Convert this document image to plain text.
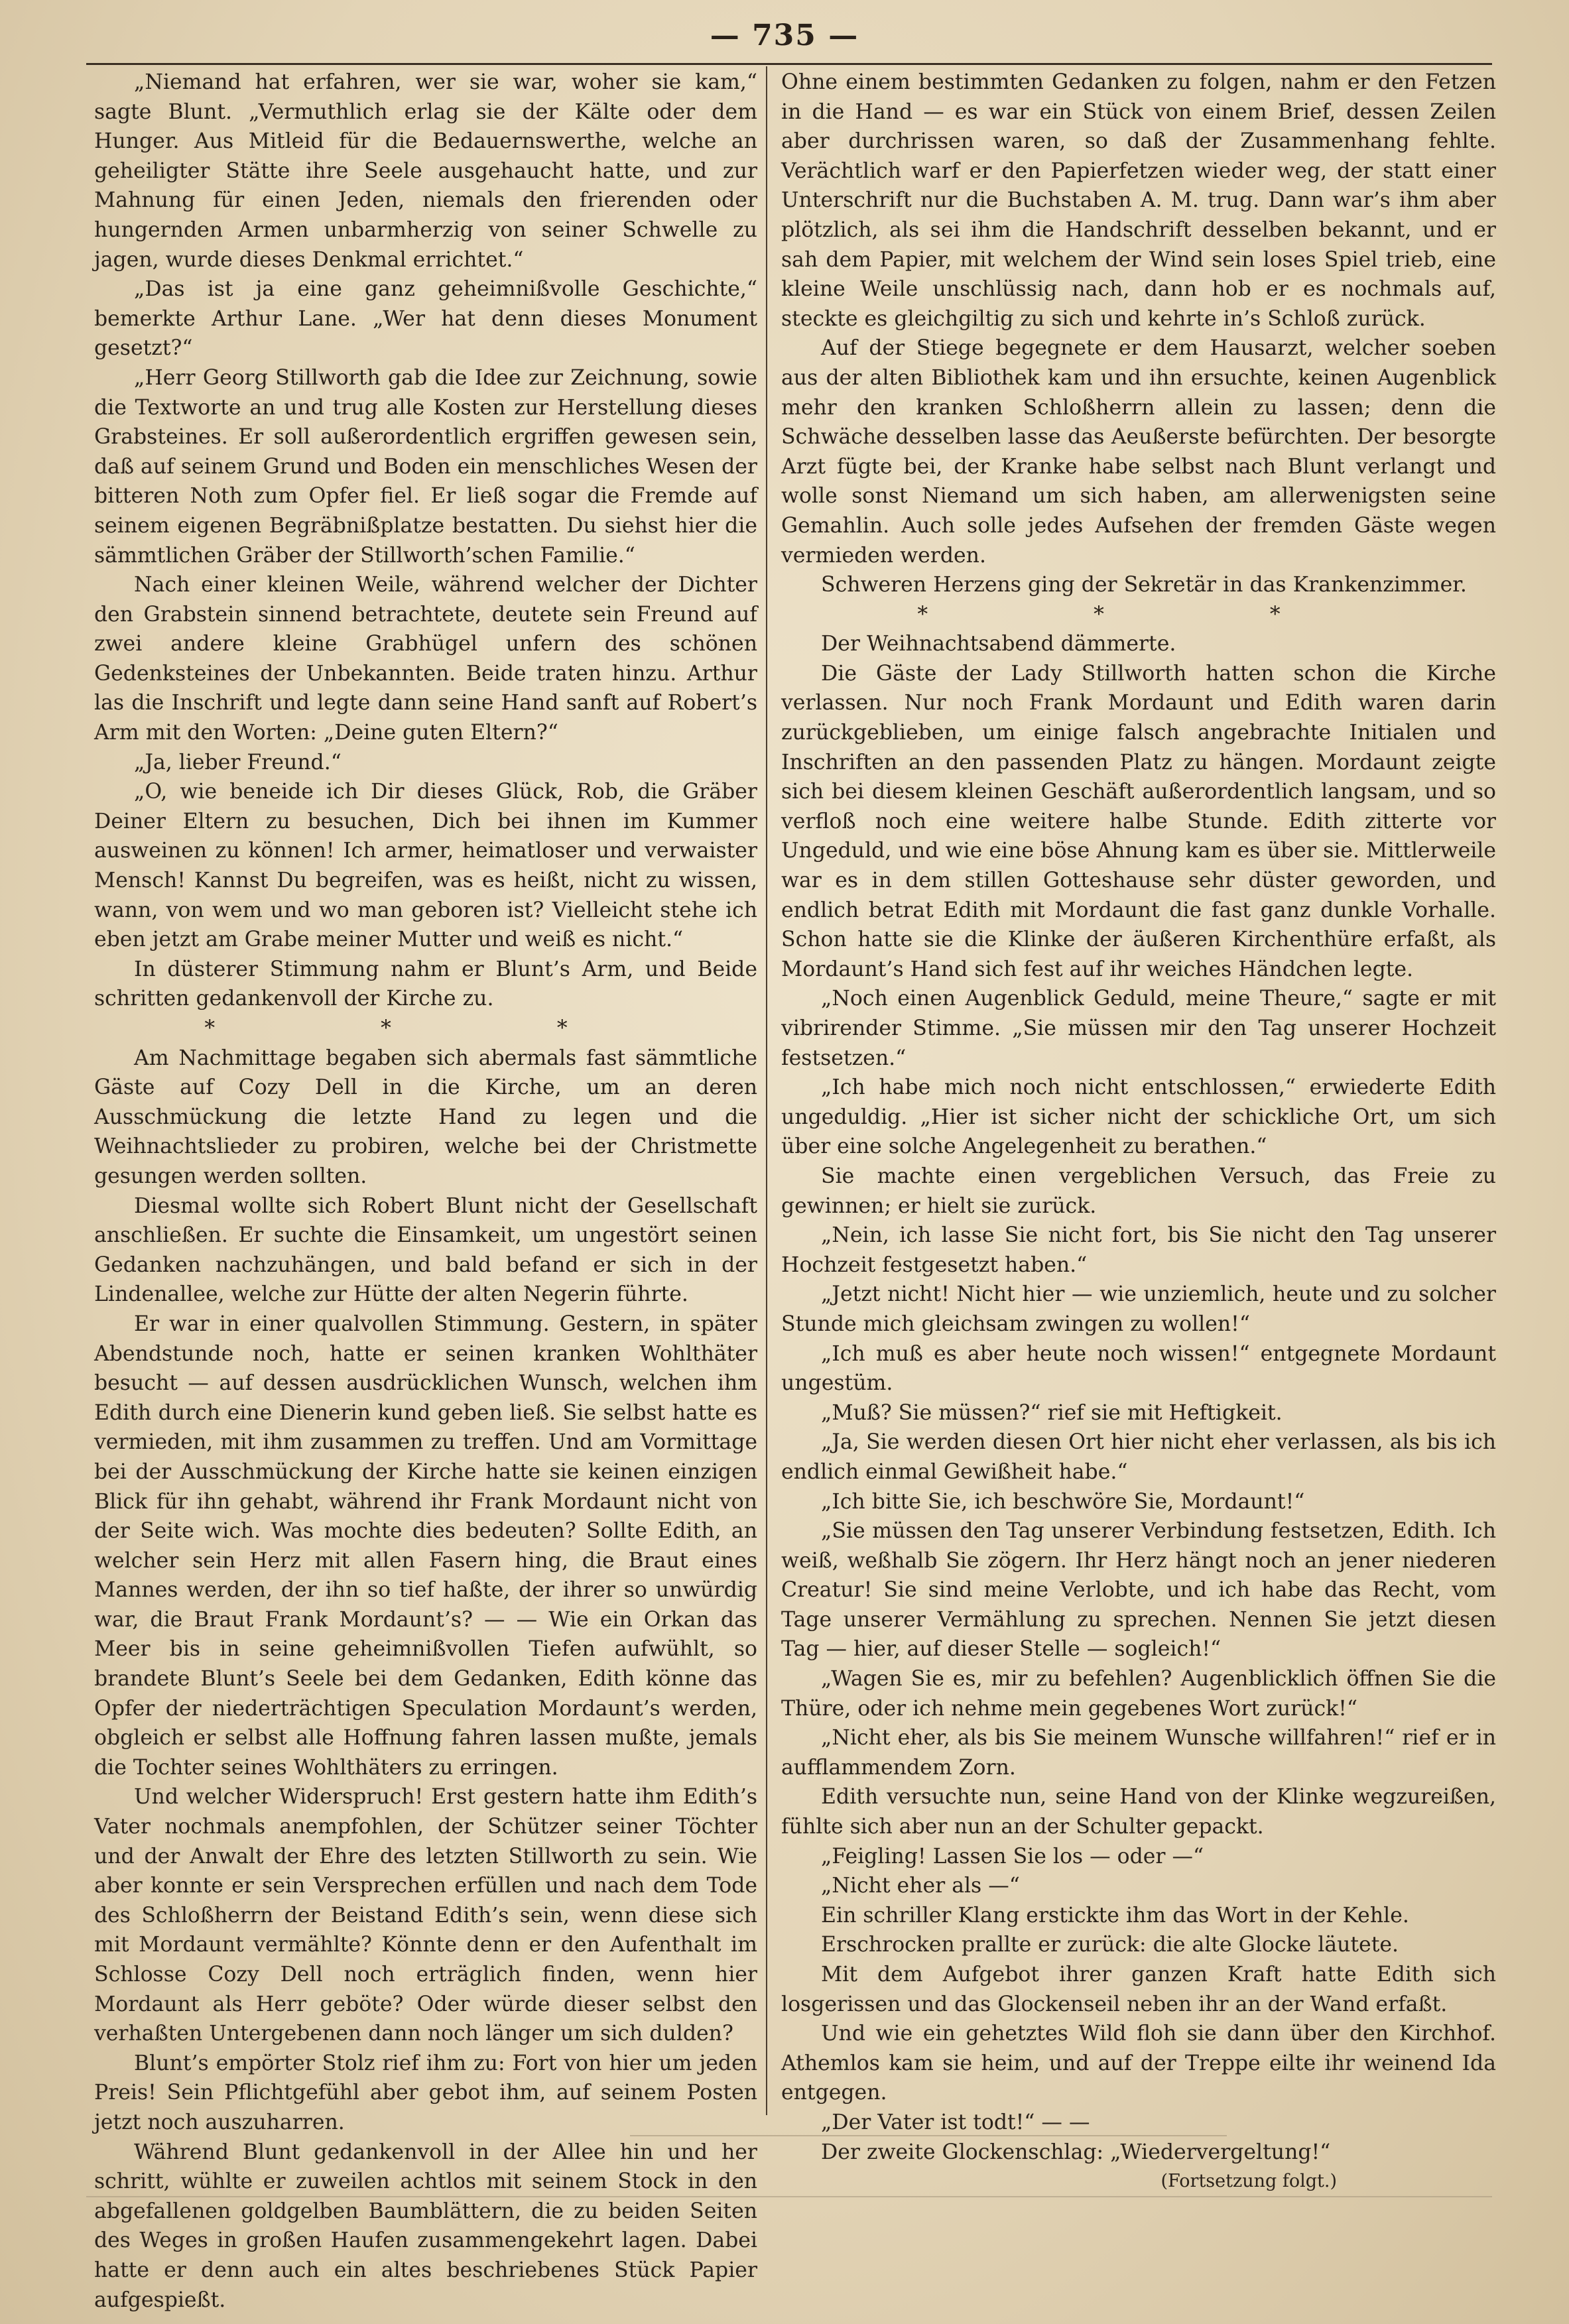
— 735 —

„Niemand hat erfahren, wer sie war, woher sie kam,“ sagte Blunt. „Vermuthlich erlag sie der Kälte oder dem Hunger. Aus Mitleid für die Bedauernswerthe, welche an geheiligter Stätte ihre Seele ausgehaucht hatte, und zur Mahnung für einen Jeden, niemals den frierenden oder hungernden Armen unbarmherzig von seiner Schwelle zu jagen, wurde dieses Denkmal errichtet.“

„Das ist ja eine ganz geheimnißvolle Geschichte,“ bemerkte Arthur Lane. „Wer hat denn dieses Monument gesetzt?“

„Herr Georg Stillworth gab die Idee zur Zeichnung, sowie die Textworte an und trug alle Kosten zur Herstellung dieses Grabsteines. Er soll außerordentlich ergriffen gewesen sein, daß auf seinem Grund und Boden ein menschliches Wesen der bitteren Noth zum Opfer fiel. Er ließ sogar die Fremde auf seinem eigenen Begräbnißplatze bestatten. Du siehst hier die sämmtlichen Gräber der Stillworth’schen Familie.“

Nach einer kleinen Weile, während welcher der Dichter den Grabstein sinnend betrachtete, deutete sein Freund auf zwei andere kleine Grabhügel unfern des schönen Gedenksteines der Unbekannten. Beide traten hinzu. Arthur las die Inschrift und legte dann seine Hand sanft auf Robert’s Arm mit den Worten: „Deine guten Eltern?“

„Ja, lieber Freund.“

„O, wie beneide ich Dir dieses Glück, Rob, die Gräber Deiner Eltern zu besuchen, Dich bei ihnen im Kummer ausweinen zu können! Ich armer, heimatloser und verwaister Mensch! Kannst Du begreifen, was es heißt, nicht zu wissen, wann, von wem und wo man geboren ist? Vielleicht stehe ich eben jetzt am Grabe meiner Mutter und weiß es nicht.“

In düsterer Stimmung nahm er Blunt’s Arm, und Beide schritten gedankenvoll der Kirche zu.

* * *

Am Nachmittage begaben sich abermals fast sämmtliche Gäste auf Cozy Dell in die Kirche, um an deren Ausschmückung die letzte Hand zu legen und die Weihnachtslieder zu probiren, welche bei der Christmette gesungen werden sollten.

Diesmal wollte sich Robert Blunt nicht der Gesellschaft anschließen. Er suchte die Einsamkeit, um ungestört seinen Gedanken nachzuhängen, und bald befand er sich in der Lindenallee, welche zur Hütte der alten Negerin führte.

Er war in einer qualvollen Stimmung. Gestern, in später Abendstunde noch, hatte er seinen kranken Wohlthäter besucht — auf dessen ausdrücklichen Wunsch, welchen ihm Edith durch eine Dienerin kund geben ließ. Sie selbst hatte es vermieden, mit ihm zusammen zu treffen. Und am Vormittage bei der Ausschmückung der Kirche hatte sie keinen einzigen Blick für ihn gehabt, während ihr Frank Mordaunt nicht von der Seite wich. Was mochte dies bedeuten? Sollte Edith, an welcher sein Herz mit allen Fasern hing, die Braut eines Mannes werden, der ihn so tief haßte, der ihrer so unwürdig war, die Braut Frank Mordaunt’s? — — Wie ein Orkan das Meer bis in seine geheimnißvollen Tiefen aufwühlt, so brandete Blunt’s Seele bei dem Gedanken, Edith könne das Opfer der niederträchtigen Speculation Mordaunt’s werden, obgleich er selbst alle Hoffnung fahren lassen mußte, jemals die Tochter seines Wohlthäters zu erringen.

Und welcher Widerspruch! Erst gestern hatte ihm Edith’s Vater nochmals anempfohlen, der Schützer seiner Töchter und der Anwalt der Ehre des letzten Stillworth zu sein. Wie aber konnte er sein Versprechen erfüllen und nach dem Tode des Schloßherrn der Beistand Edith’s sein, wenn diese sich mit Mordaunt vermählte? Könnte denn er den Aufenthalt im Schlosse Cozy Dell noch erträglich finden, wenn hier Mordaunt als Herr geböte? Oder würde dieser selbst den verhaßten Untergebenen dann noch länger um sich dulden?

Blunt’s empörter Stolz rief ihm zu: Fort von hier um jeden Preis! Sein Pflichtgefühl aber gebot ihm, auf seinem Posten jetzt noch auszuharren.

Während Blunt gedankenvoll in der Allee hin und her schritt, wühlte er zuweilen achtlos mit seinem Stock in den abgefallenen goldgelben Baumblättern, die zu beiden Seiten des Weges in großen Haufen zusammengekehrt lagen. Dabei hatte er denn auch ein altes beschriebenes Stück Papier aufgespießt.

Ohne einem bestimmten Gedanken zu folgen, nahm er den Fetzen in die Hand — es war ein Stück von einem Brief, dessen Zeilen aber durchrissen waren, so daß der Zusammenhang fehlte. Verächtlich warf er den Papierfetzen wieder weg, der statt einer Unterschrift nur die Buchstaben A. M. trug. Dann war’s ihm aber plötzlich, als sei ihm die Handschrift desselben bekannt, und er sah dem Papier, mit welchem der Wind sein loses Spiel trieb, eine kleine Weile unschlüssig nach, dann hob er es nochmals auf, steckte es gleichgiltig zu sich und kehrte in’s Schloß zurück.

Auf der Stiege begegnete er dem Hausarzt, welcher soeben aus der alten Bibliothek kam und ihn ersuchte, keinen Augenblick mehr den kranken Schloßherrn allein zu lassen; denn die Schwäche desselben lasse das Aeußerste befürchten. Der besorgte Arzt fügte bei, der Kranke habe selbst nach Blunt verlangt und wolle sonst Niemand um sich haben, am allerwenigsten seine Gemahlin. Auch solle jedes Aufsehen der fremden Gäste wegen vermieden werden.

Schweren Herzens ging der Sekretär in das Krankenzimmer.

* * *

Der Weihnachtsabend dämmerte.

Die Gäste der Lady Stillworth hatten schon die Kirche verlassen. Nur noch Frank Mordaunt und Edith waren darin zurückgeblieben, um einige falsch angebrachte Initialen und Inschriften an den passenden Platz zu hängen. Mordaunt zeigte sich bei diesem kleinen Geschäft außerordentlich langsam, und so verfloß noch eine weitere halbe Stunde. Edith zitterte vor Ungeduld, und wie eine böse Ahnung kam es über sie. Mittlerweile war es in dem stillen Gotteshause sehr düster geworden, und endlich betrat Edith mit Mordaunt die fast ganz dunkle Vorhalle. Schon hatte sie die Klinke der äußeren Kirchenthüre erfaßt, als Mordaunt’s Hand sich fest auf ihr weiches Händchen legte.

„Noch einen Augenblick Geduld, meine Theure,“ sagte er mit vibrirender Stimme. „Sie müssen mir den Tag unserer Hochzeit festsetzen.“

„Ich habe mich noch nicht entschlossen,“ erwiederte Edith ungeduldig. „Hier ist sicher nicht der schickliche Ort, um sich über eine solche Angelegenheit zu berathen.“

Sie machte einen vergeblichen Versuch, das Freie zu gewinnen; er hielt sie zurück.

„Nein, ich lasse Sie nicht fort, bis Sie nicht den Tag unserer Hochzeit festgesetzt haben.“

„Jetzt nicht! Nicht hier — wie unziemlich, heute und zu solcher Stunde mich gleichsam zwingen zu wollen!“

„Ich muß es aber heute noch wissen!“ entgegnete Mordaunt ungestüm.

„Muß? Sie müssen?“ rief sie mit Heftigkeit.

„Ja, Sie werden diesen Ort hier nicht eher verlassen, als bis ich endlich einmal Gewißheit habe.“

„Ich bitte Sie, ich beschwöre Sie, Mordaunt!“

„Sie müssen den Tag unserer Verbindung festsetzen, Edith. Ich weiß, weßhalb Sie zögern. Ihr Herz hängt noch an jener niederen Creatur! Sie sind meine Verlobte, und ich habe das Recht, vom Tage unserer Vermählung zu sprechen. Nennen Sie jetzt diesen Tag — hier, auf dieser Stelle — sogleich!“

„Wagen Sie es, mir zu befehlen? Augenblicklich öffnen Sie die Thüre, oder ich nehme mein gegebenes Wort zurück!“

„Nicht eher, als bis Sie meinem Wunsche willfahren!“ rief er in aufflammendem Zorn.

Edith versuchte nun, seine Hand von der Klinke wegzureißen, fühlte sich aber nun an der Schulter gepackt.

„Feigling! Lassen Sie los — oder —“

„Nicht eher als —“

Ein schriller Klang erstickte ihm das Wort in der Kehle.

Erschrocken prallte er zurück: die alte Glocke läutete.

Mit dem Aufgebot ihrer ganzen Kraft hatte Edith sich losgerissen und das Glockenseil neben ihr an der Wand erfaßt.

Und wie ein gehetztes Wild floh sie dann über den Kirchhof. Athemlos kam sie heim, und auf der Treppe eilte ihr weinend Ida entgegen.

„Der Vater ist todt!“ — —

Der zweite Glockenschlag: „Wiedervergeltung!“

(Fortsetzung folgt.)
